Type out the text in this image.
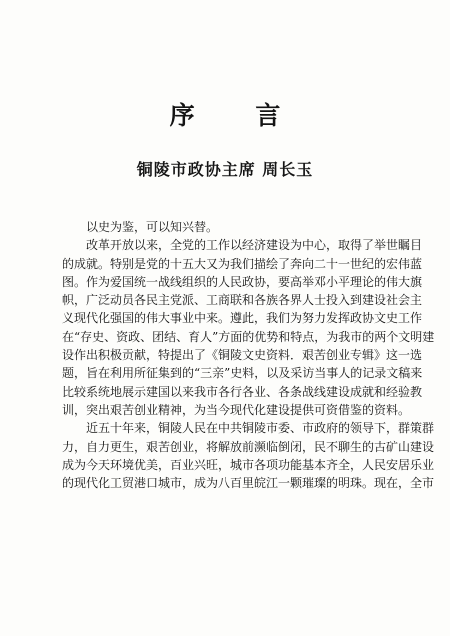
序 言
铜陵市政协主席 周长玉

以史为鉴，可以知兴替。

改革开放以来，全党的工作以经济建设为中心，取得了举世瞩目
的成就。特别是党的十五大又为我们描绘了奔向二十一世纪的宏伟蓝
图。作为爱国统一战线组织的人民政协，要高举邓小平理论的伟大旗
帜，广泛动员各民主党派、工商联和各族各界人士投入到建设社会主
义现代化强国的伟大事业中来。遵此，我们为努力发挥政协文史工作
在“存史、资政、团结、育人”方面的优势和特点，为我市的两个文明建
设作出积极贡献，特提出了《铜陵文史资料．艰苦创业专辑》这一选
题，旨在利用所征集到的“三亲”史料，以及采访当事人的记录文稿来
比较系统地展示建国以来我市各行各业、各条战线建设成就和经验教
训，突出艰苦创业精神，为当今现代化建设提供可资借鉴的资料。

近五十年来，铜陵人民在中共铜陵市委、市政府的领导下，群策群
力，自力更生，艰苦创业，将解放前濒临倒闭，民不聊生的古矿山建设
成为今天环境优美，百业兴旺，城市各项功能基本齐全，人民安居乐业
的现代化工贸港口城市，成为八百里皖江一颗璀璨的明珠。现在，全市
